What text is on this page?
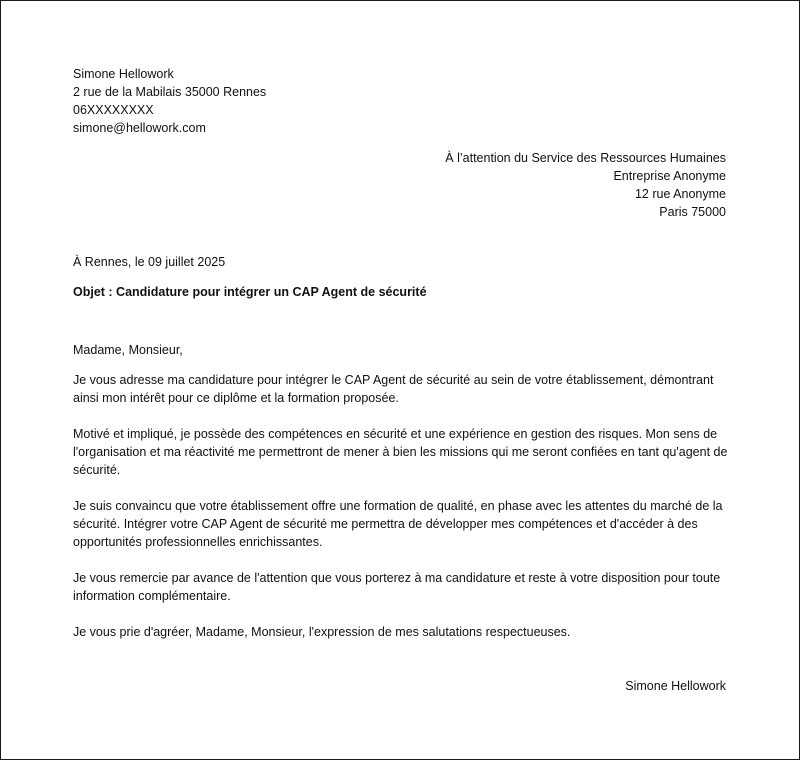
Simone Hellowork
2 rue de la Mabilais 35000 Rennes
06XXXXXXXX
simone@hellowork.com
À l’attention du Service des Ressources Humaines
Entreprise Anonyme
12 rue Anonyme
Paris 75000
À Rennes, le 09 juillet 2025
Objet : Candidature pour intégrer un CAP Agent de sécurité
Madame, Monsieur,

Je vous adresse ma candidature pour intégrer le CAP Agent de sécurité au sein de votre établissement, démontrant ainsi mon intérêt pour ce diplôme et la formation proposée.

Motivé et impliqué, je possède des compétences en sécurité et une expérience en gestion des risques. Mon sens de l'organisation et ma réactivité me permettront de mener à bien les missions qui me seront confiées en tant qu'agent de sécurité.

Je suis convaincu que votre établissement offre une formation de qualité, en phase avec les attentes du marché de la sécurité. Intégrer votre CAP Agent de sécurité me permettra de développer mes compétences et d'accéder à des opportunités professionnelles enrichissantes.

Je vous remercie par avance de l'attention que vous porterez à ma candidature et reste à votre disposition pour toute information complémentaire.

Je vous prie d'agréer, Madame, Monsieur, l'expression de mes salutations respectueuses.

Simone Hellowork
